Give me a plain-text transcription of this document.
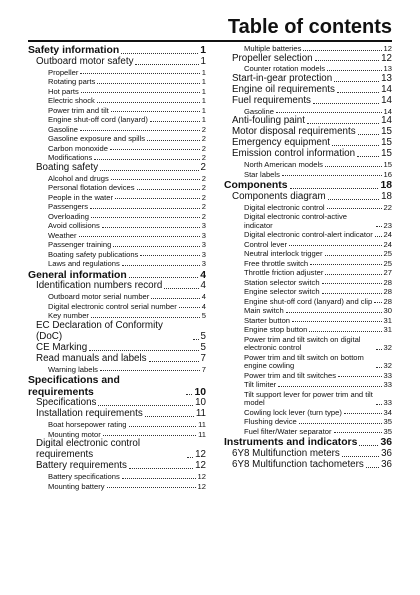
Table of contents
Safety information	1
Outboard motor safety	1
Propeller	1
Rotating parts	1
Hot parts	1
Electric shock	1
Power trim and tilt	1
Engine shut-off cord (lanyard)	1
Gasoline	2
Gasoline exposure and spills	2
Carbon monoxide	2
Modifications	2
Boating safety	2
Alcohol and drugs	2
Personal flotation devices	2
People in the water	2
Passengers	2
Overloading	2
Avoid collisions	3
Weather	3
Passenger training	3
Boating safety publications	3
Laws and regulations	3
General information	4
Identification numbers record	4
Outboard motor serial number	4
Digital electronic control serial number	4
Key number	5
EC Declaration of Conformity (DoC)	5
CE Marking	5
Read manuals and labels	7
Warning labels	7
Specifications and requirements	10
Specifications	10
Installation requirements	11
Boat horsepower rating	11
Mounting motor	11
Digital electronic control requirements	12
Battery requirements	12
Battery specifications	12
Mounting battery	12
Multiple batteries	12
Propeller selection	12
Counter rotation models	13
Start-in-gear protection	13
Engine oil requirements	14
Fuel requirements	14
Gasoline	14
Anti-fouling paint	14
Motor disposal requirements	15
Emergency equipment	15
Emission control information	15
North American models	15
Star labels	16
Components	18
Components diagram	18
Digital electronic control	22
Digital electronic control-active indicator	23
Digital electronic control-alert indicator 24
Control lever	24
Neutral interlock trigger	25
Free throttle switch	25
Throttle friction adjuster	27
Station selector switch	28
Engine selector switch	28
Engine shut-off cord (lanyard) and clip 28
Main switch	30
Starter button	31
Engine stop button	31
Power trim and tilt switch on digital electronic control	32
Power trim and tilt switch on bottom engine cowling	32
Power trim and tilt switches	33
Tilt limiter	33
Tilt support lever for power trim and tilt model	33
Cowling lock lever (turn type)	34
Flushing device	35
Fuel filter/Water separator	35
Instruments and indicators 36
6Y8 Multifunction meters	36
6Y8 Multifunction tachometers 36
